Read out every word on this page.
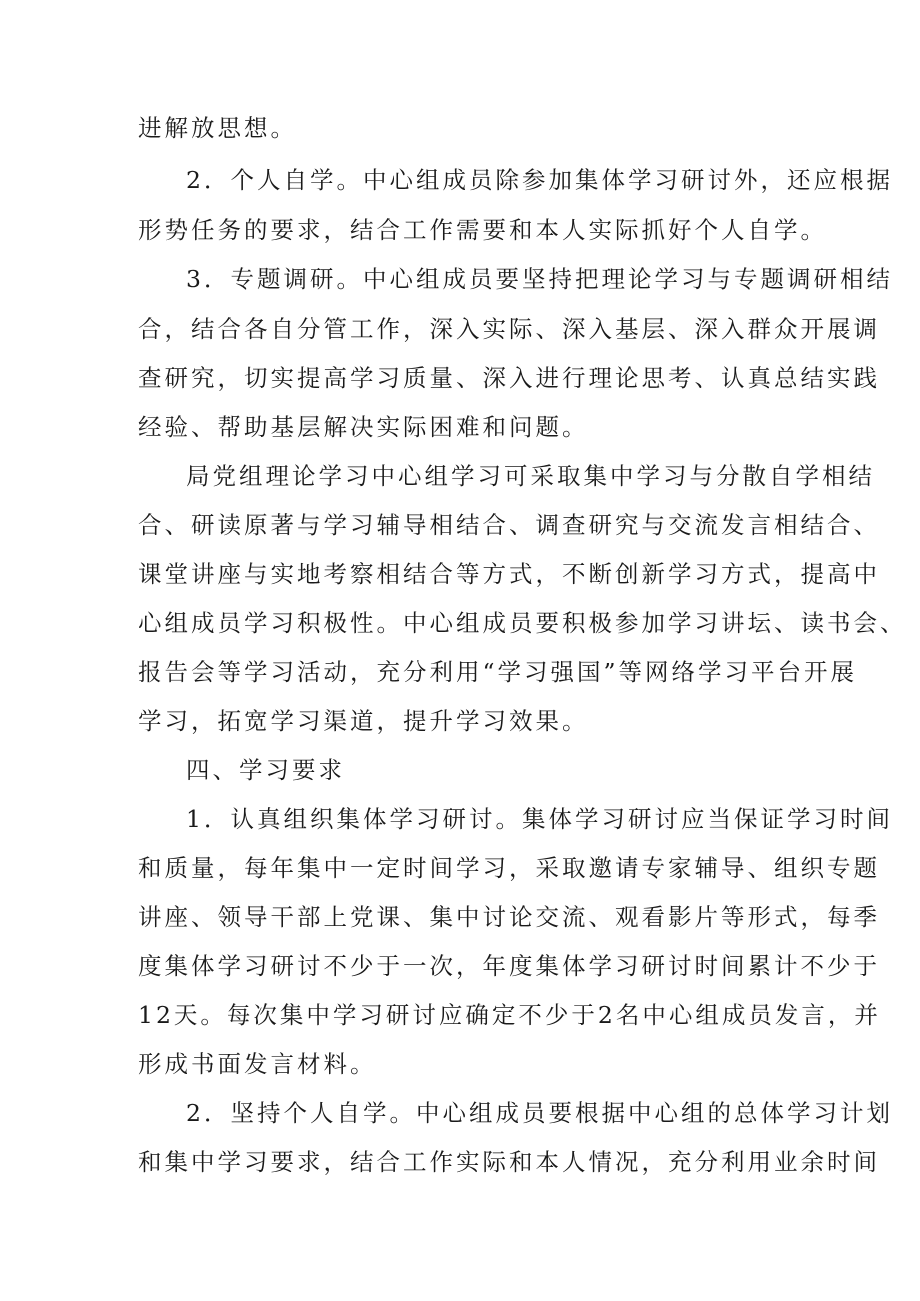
进解放思想。
2．个人自学。中心组成员除参加集体学习研讨外，还应根据
形势任务的要求，结合工作需要和本人实际抓好个人自学。
3．专题调研。中心组成员要坚持把理论学习与专题调研相结
合，结合各自分管工作，深入实际、深入基层、深入群众开展调
查研究，切实提高学习质量、深入进行理论思考、认真总结实践
经验、帮助基层解决实际困难和问题。
局党组理论学习中心组学习可采取集中学习与分散自学相结
合、研读原著与学习辅导相结合、调查研究与交流发言相结合、
课堂讲座与实地考察相结合等方式，不断创新学习方式，提高中
心组成员学习积极性。中心组成员要积极参加学习讲坛、读书会、
报告会等学习活动，充分利用“学习强国”等网络学习平台开展
学习，拓宽学习渠道，提升学习效果。
四、学习要求
1．认真组织集体学习研讨。集体学习研讨应当保证学习时间
和质量，每年集中一定时间学习，采取邀请专家辅导、组织专题
讲座、领导干部上党课、集中讨论交流、观看影片等形式，每季
度集体学习研讨不少于一次，年度集体学习研讨时间累计不少于
12天。每次集中学习研讨应确定不少于2名中心组成员发言，并
形成书面发言材料。
2．坚持个人自学。中心组成员要根据中心组的总体学习计划
和集中学习要求，结合工作实际和本人情况，充分利用业余时间
